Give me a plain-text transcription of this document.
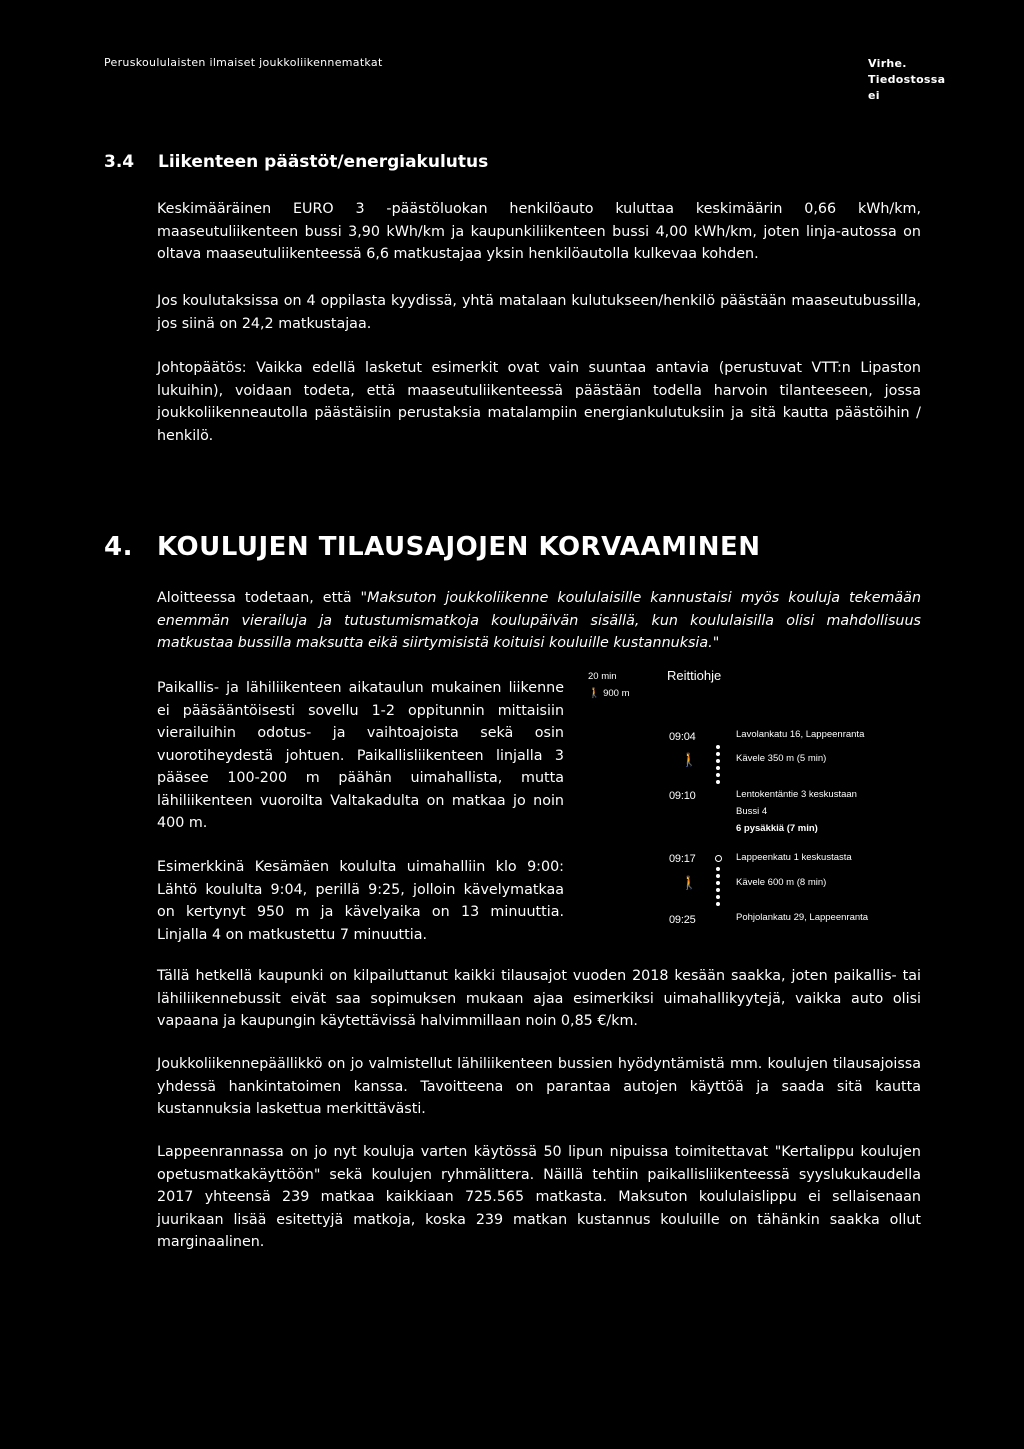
Peruskoululaisten ilmaiset joukkoliikennematkat	Virhe.
Tiedostossa ei
3.4 Liikenteen päästöt/energiakulutus
Keskimääräinen EURO 3 -päästöluokan henkilöauto kuluttaa keskimäärin 0,66 kWh/km, maaseutuliikenteen bussi 3,90 kWh/km ja kaupunkiliikenteen bussi 4,00 kWh/km, joten linja-autossa on oltava maaseutuliikenteessä 6,6 matkustajaa yksin henkilöautolla kulkevaa kohden.
Jos koulutaksissa on 4 oppilasta kyydissä, yhtä matalaan kulutukseen/henkilö päästään maaseutubussilla, jos siinä on 24,2 matkustajaa.
Johtopäätös: Vaikka edellä lasketut esimerkit ovat vain suuntaa antavia (perustuvat VTT:n Lipaston lukuihin), voidaan todeta, että maaseutuliikenteessä päästään todella harvoin tilanteeseen, jossa joukkoliikenneautolla päästäisiin perustaksia matalampiin energiankulutuksiin ja sitä kautta päästöihin / henkilö.
4. KOULUJEN TILAUSAJOJEN KORVAAMINEN
Aloitteessa todetaan, että "Maksuton joukkoliikenne koululaisille kannustaisi myös kouluja tekemään enemmän vierailuja ja tutustumismatkoja koulupäivän sisällä, kun koululaisilla olisi mahdollisuus matkustaa bussilla maksutta eikä siirtymisistä koituisi kouluille kustannuksia."
Paikallis- ja lähiliikenteen aikataulun mukainen liikenne ei pääsääntöisesti sovellu 1-2 oppitunnin mittaisiin vierailuihin odotus- ja vaihtoajoista sekä osin vuorotiheydestä johtuen. Paikallisliikenteen linjalla 3 pääsee 100-200 m päähän uimahallista, mutta lähiliikenteen vuoroilta Valtakadulta on matkaa jo noin 400 m.
Esimerkkinä Kesämäen koululta uimahalliin klo 9:00: Lähtö koululta 9:04, perillä 9:25, jolloin kävelymatkaa on kertynyt 950 m ja kävelyaika on 13 minuuttia. Linjalla 4 on matkustettu 7 minuuttia.
20 min
🚶 900 m
Reittiohje
09:04	Lavolankatu 16, Lappeenranta
🚶	Kävele 350 m (5 min)
09:10	Lentokentäntie 3 keskustaan
Bussi 4
6 pysäkkiä (7 min)
09:17	Lappeenkatu 1 keskustasta
🚶	Kävele 600 m (8 min)
09:25	Pohjolankatu 29, Lappeenranta
Tällä hetkellä kaupunki on kilpailuttanut kaikki tilausajot vuoden 2018 kesään saakka, joten paikallis- tai lähiliikennebussit eivät saa sopimuksen mukaan ajaa esimerkiksi uimahallikyytejä, vaikka auto olisi vapaana ja kaupungin käytettävissä halvimmillaan noin 0,85 €/km.
Joukkoliikennepäällikkö on jo valmistellut lähiliikenteen bussien hyödyntämistä mm. koulujen tilausajoissa yhdessä hankintatoimen kanssa. Tavoitteena on parantaa autojen käyttöä ja saada sitä kautta kustannuksia laskettua merkittävästi.
Lappeenrannassa on jo nyt kouluja varten käytössä 50 lipun nipuissa toimitettavat "Kertalippu koulujen opetusmatkakäyttöön" sekä koulujen ryhmälittera. Näillä tehtiin paikallisliikenteessä syyslukukaudella 2017 yhteensä 239 matkaa kaikkiaan 725.565 matkasta. Maksuton koululaislippu ei sellaisenaan juurikaan lisää esitettyjä matkoja, koska 239 matkan kustannus kouluille on tähänkin saakka ollut marginaalinen.
